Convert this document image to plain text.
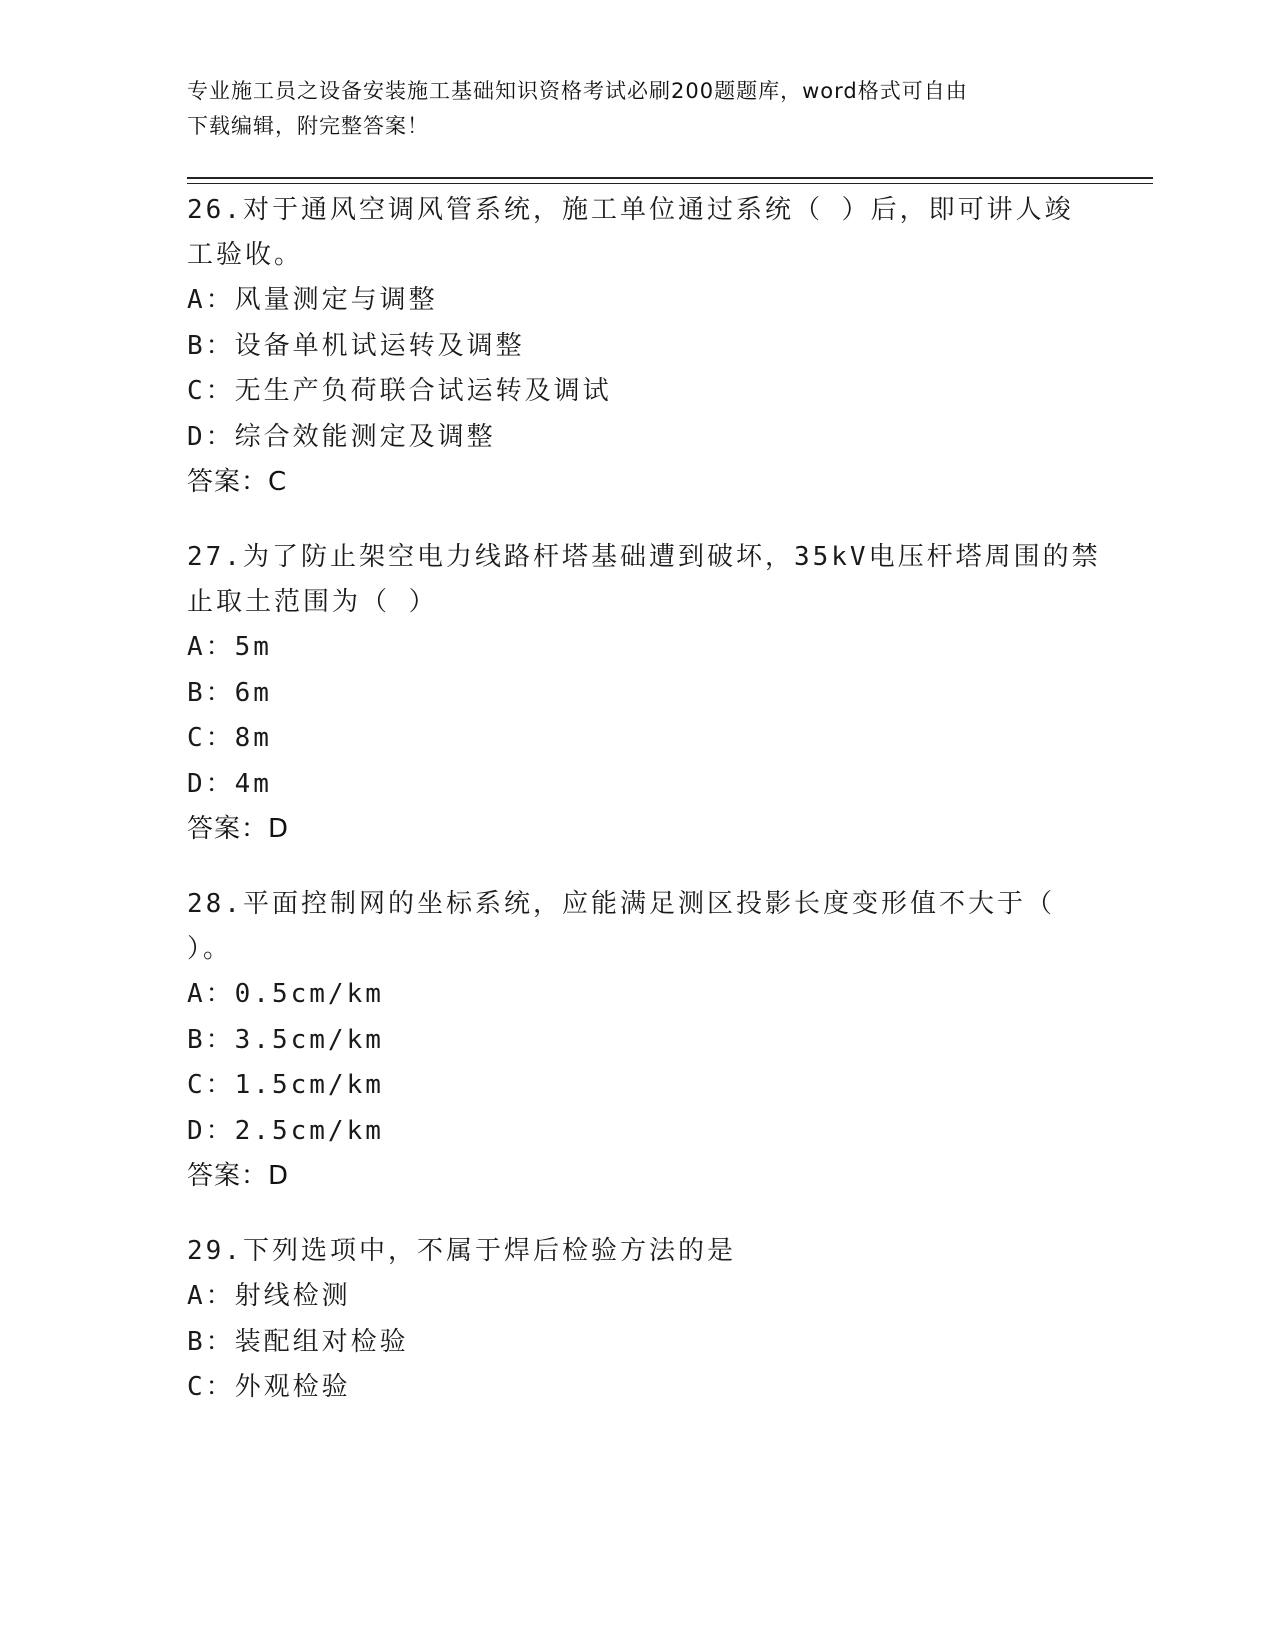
专业施工员之设备安装施工基础知识资格考试必刷200题题库，word格式可自由
下载编辑，附完整答案！
26.对于通风空调风管系统，施工单位通过系统（ ）后，即可讲人竣
工验收。
A：风量测定与调整
B：设备单机试运转及调整
C：无生产负荷联合试运转及调试
D：综合效能测定及调整
答案：C
27.为了防止架空电力线路杆塔基础遭到破坏，35kV电压杆塔周围的禁
止取土范围为（ ）
A：5m
B：6m
C：8m
D：4m
答案：D
28.平面控制网的坐标系统，应能满足测区投影长度变形值不大于（
）。
A：0.5cm/km
B：3.5cm/km
C：1.5cm/km
D：2.5cm/km
答案：D
29.下列选项中，不属于焊后检验方法的是
A：射线检测
B：装配组对检验
C：外观检验
